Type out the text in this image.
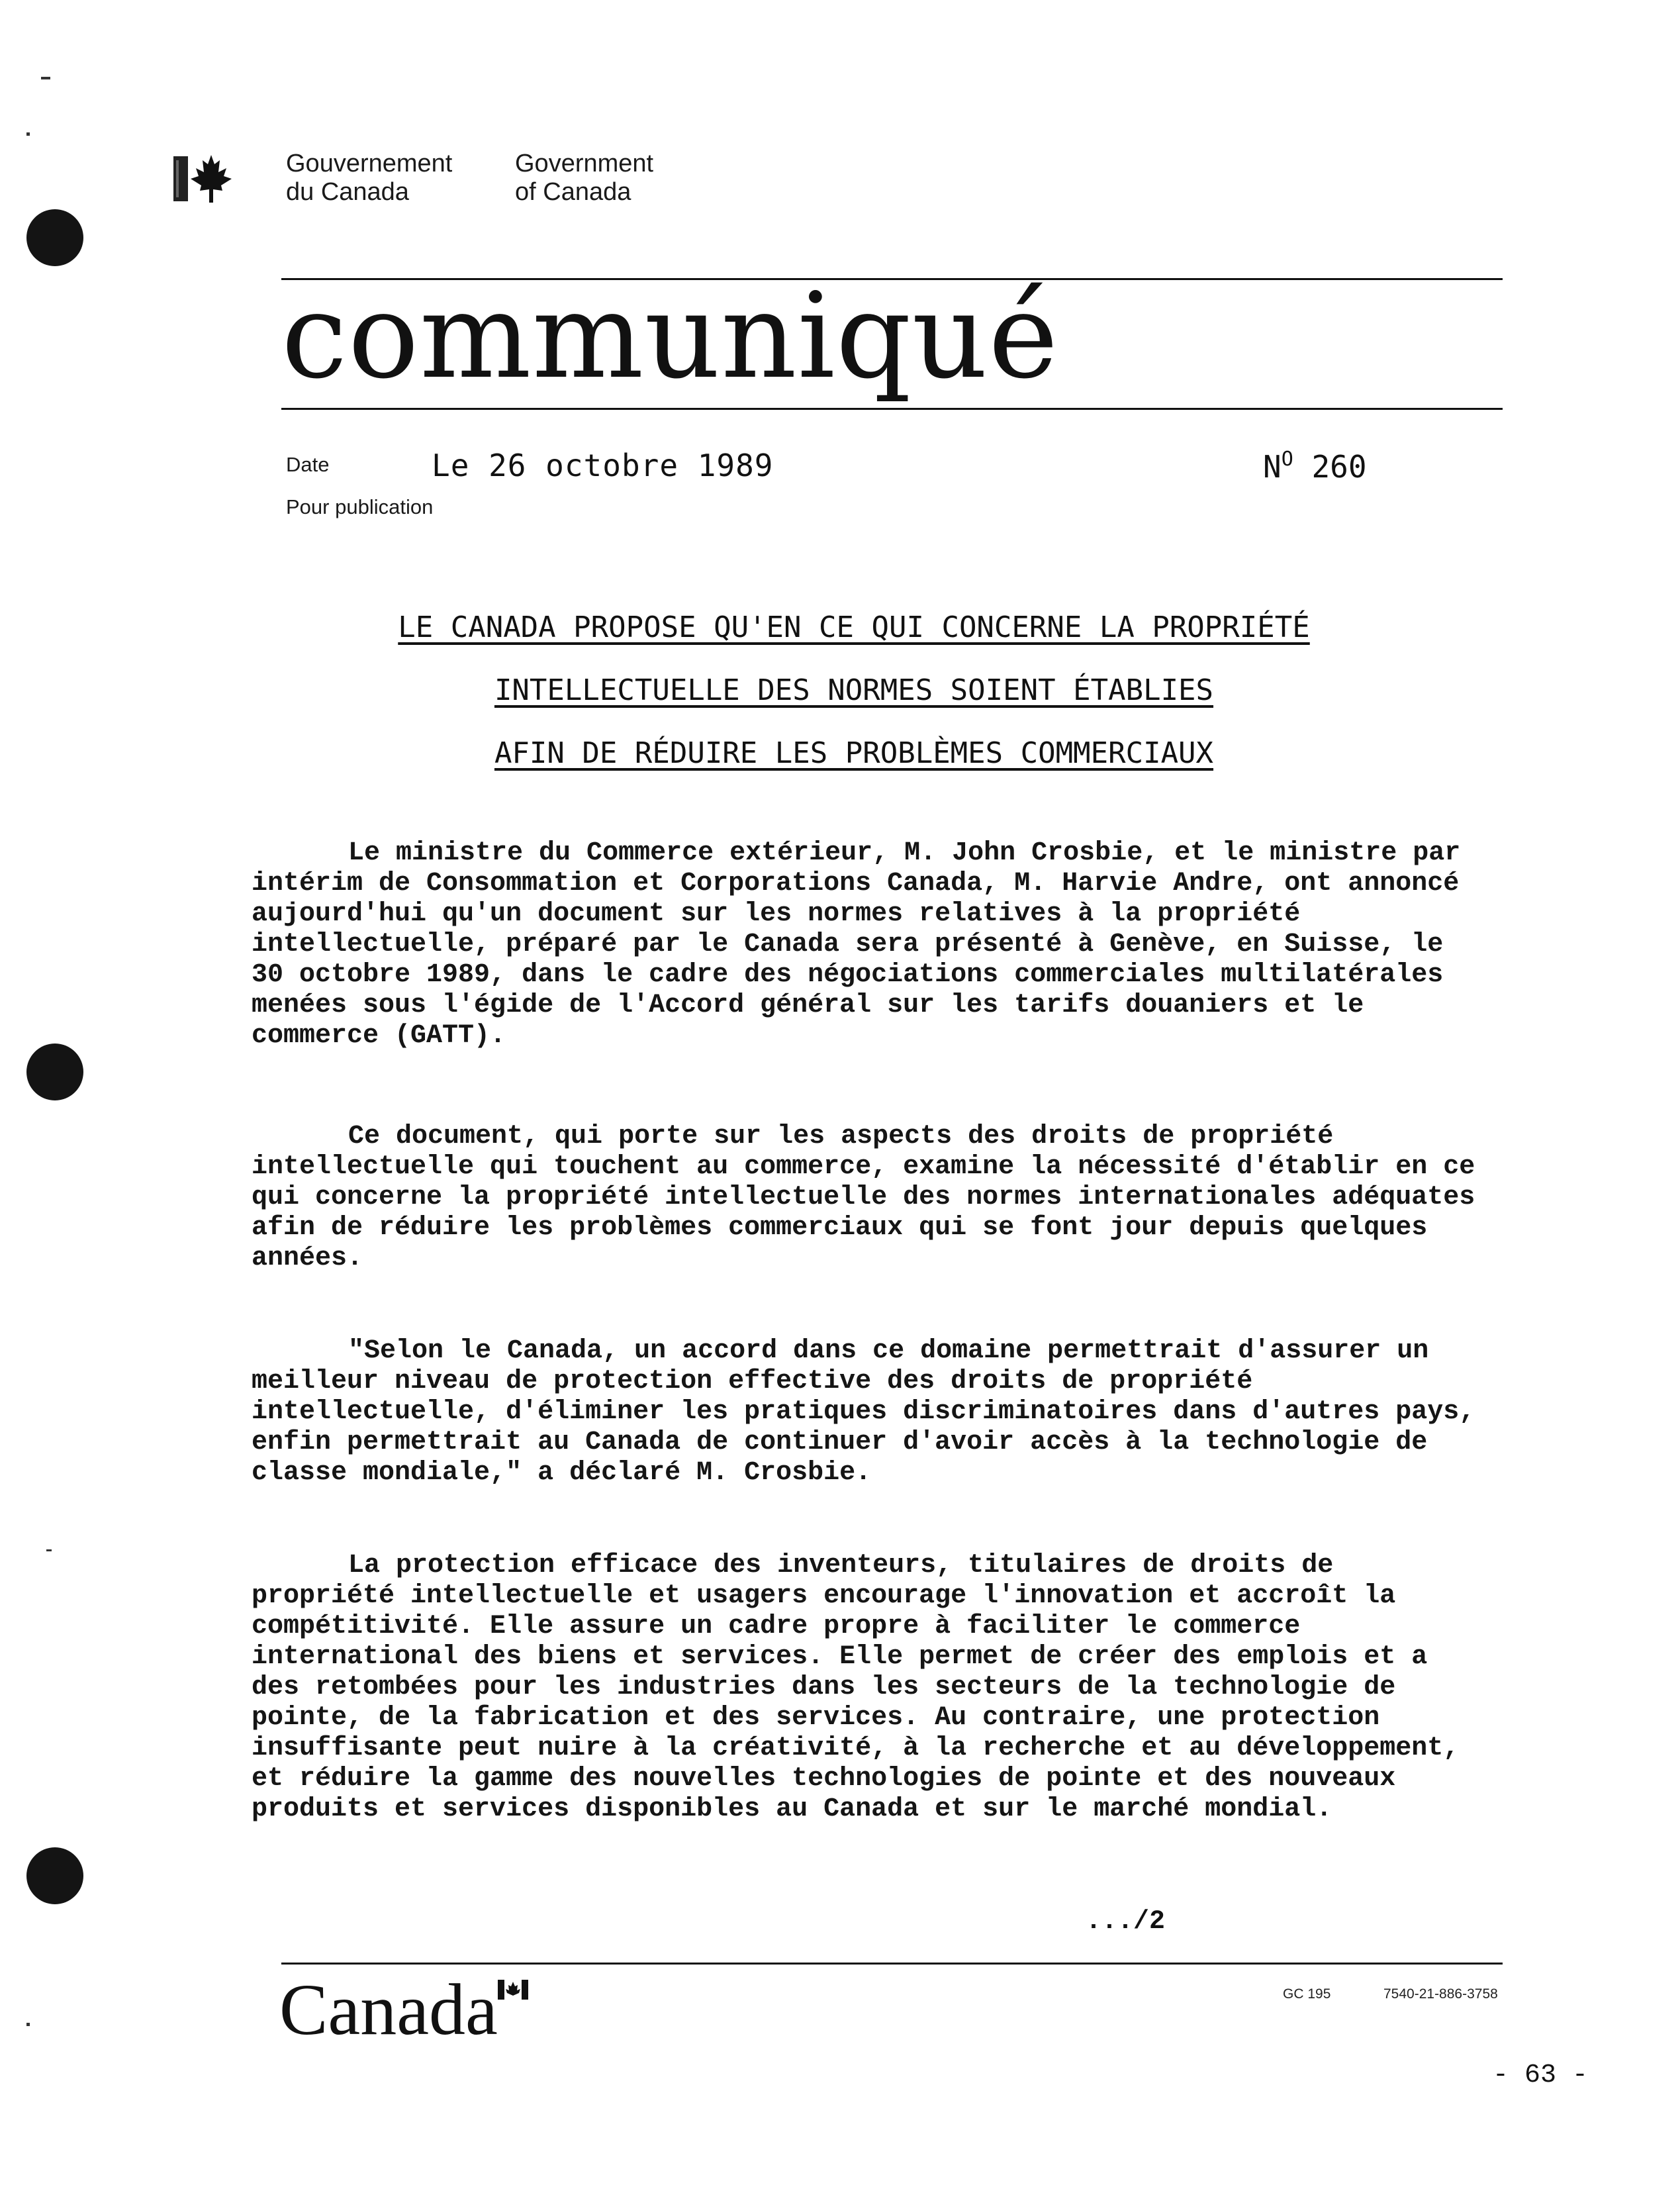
Gouvernement
du Canada
Government
of Canada
communiqué
Date	Le 26 octobre 1989
Pour publication
$N^O$ 260
LE CANADA PROPOSE QU'EN CE QUI CONCERNE LA PROPRIÉTÉ
INTELLECTUELLE DES NORMES SOIENT ÉTABLIES
AFIN DE RÉDUIRE LES PROBLÈMES COMMERCIAUX
Le ministre du Commerce extérieur, M. John Crosbie, et le ministre par intérim de Consommation et Corporations Canada, M. Harvie Andre, ont annoncé aujourd'hui qu'un document sur les normes relatives à la propriété intellectuelle, préparé par le Canada sera présenté à Genève, en Suisse, le 30 octobre 1989, dans le cadre des négociations commerciales multilatérales menées sous l'égide de l'Accord général sur les tarifs douaniers et le commerce (GATT).
Ce document, qui porte sur les aspects des droits de propriété intellectuelle qui touchent au commerce, examine la nécessité d'établir en ce qui concerne la propriété intellectuelle des normes internationales adéquates afin de réduire les problèmes commerciaux qui se font jour depuis quelques années.
"Selon le Canada, un accord dans ce domaine permettrait d'assurer un meilleur niveau de protection effective des droits de propriété intellectuelle, d'éliminer les pratiques discriminatoires dans d'autres pays, enfin permettrait au Canada de continuer d'avoir accès à la technologie de classe mondiale," a déclaré M. Crosbie.
La protection efficace des inventeurs, titulaires de droits de propriété intellectuelle et usagers encourage l'innovation et accroît la compétitivité. Elle assure un cadre propre à faciliter le commerce international des biens et services. Elle permet de créer des emplois et a des retombées pour les industries dans les secteurs de la technologie de pointe, de la fabrication et des services. Au contraire, une protection insuffisante peut nuire à la créativité, à la recherche et au développement, et réduire la gamme des nouvelles technologies de pointe et des nouveaux produits et services disponibles au Canada et sur le marché mondial.
.../2
Canada	GC 195	7540-21-886-3758
- 63 -
